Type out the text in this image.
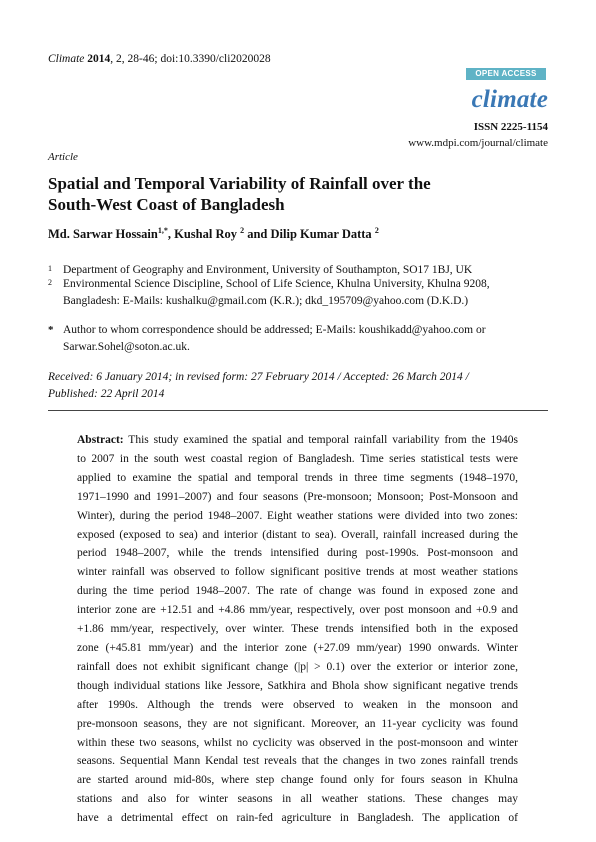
Climate 2014, 2, 28-46; doi:10.3390/cli2020028
OPEN ACCESS
climate
ISSN 2225-1154
www.mdpi.com/journal/climate
Article
Spatial and Temporal Variability of Rainfall over the
South-West Coast of Bangladesh
Md. Sarwar Hossain$^{1,*}$, Kushal Roy $^2$ and Dilip Kumar Datta $^2$
1 Department of Geography and Environment, University of Southampton, SO17 1BJ, UK
2 Environmental Science Discipline, School of Life Science, Khulna University, Khulna 9208,
Bangladesh: E-Mails: kushalku@gmail.com (K.R.); dkd_195709@yahoo.com (D.K.D.)
* Author to whom correspondence should be addressed; E-Mails: koushikadd@yahoo.com or
Sarwar.Sohel@soton.ac.uk.
Received: 6 January 2014; in revised form: 27 February 2014 / Accepted: 26 March 2014 /
Published: 22 April 2014
Abstract: This study examined the spatial and temporal rainfall variability from the 1940s
to 2007 in the south west coastal region of Bangladesh. Time series statistical tests were
applied to examine the spatial and temporal trends in three time segments (1948–1970,
1971–1990 and 1991–2007) and four seasons (Pre-monsoon; Monsoon; Post-Monsoon and
Winter), during the period 1948–2007. Eight weather stations were divided into two zones:
exposed (exposed to sea) and interior (distant to sea). Overall, rainfall increased during the
period 1948–2007, while the trends intensified during post-1990s. Post-monsoon and
winter rainfall was observed to follow significant positive trends at most weather stations
during the time period 1948–2007. The rate of change was found in exposed zone and
interior zone are +12.51 and +4.86 mm/year, respectively, over post monsoon and +0.9 and
+1.86 mm/year, respectively, over winter. These trends intensified both in the exposed
zone (+45.81 mm/year) and the interior zone (+27.09 mm/year) 1990 onwards. Winter
rainfall does not exhibit significant change (|p| > 0.1) over the exterior or interior zone,
though individual stations like Jessore, Satkhira and Bhola show significant negative trends
after 1990s. Although the trends were observed to weaken in the monsoon and
pre-monsoon seasons, they are not significant. Moreover, an 11-year cyclicity was found
within these two seasons, whilst no cyclicity was observed in the post-monsoon and winter
seasons. Sequential Mann Kendal test reveals that the changes in two zones rainfall trends
are started around mid-80s, where step change found only for fours season in Khulna
stations and also for winter seasons in all weather stations. These changes may
have a detrimental effect on rain-fed agriculture in Bangladesh. The application of
